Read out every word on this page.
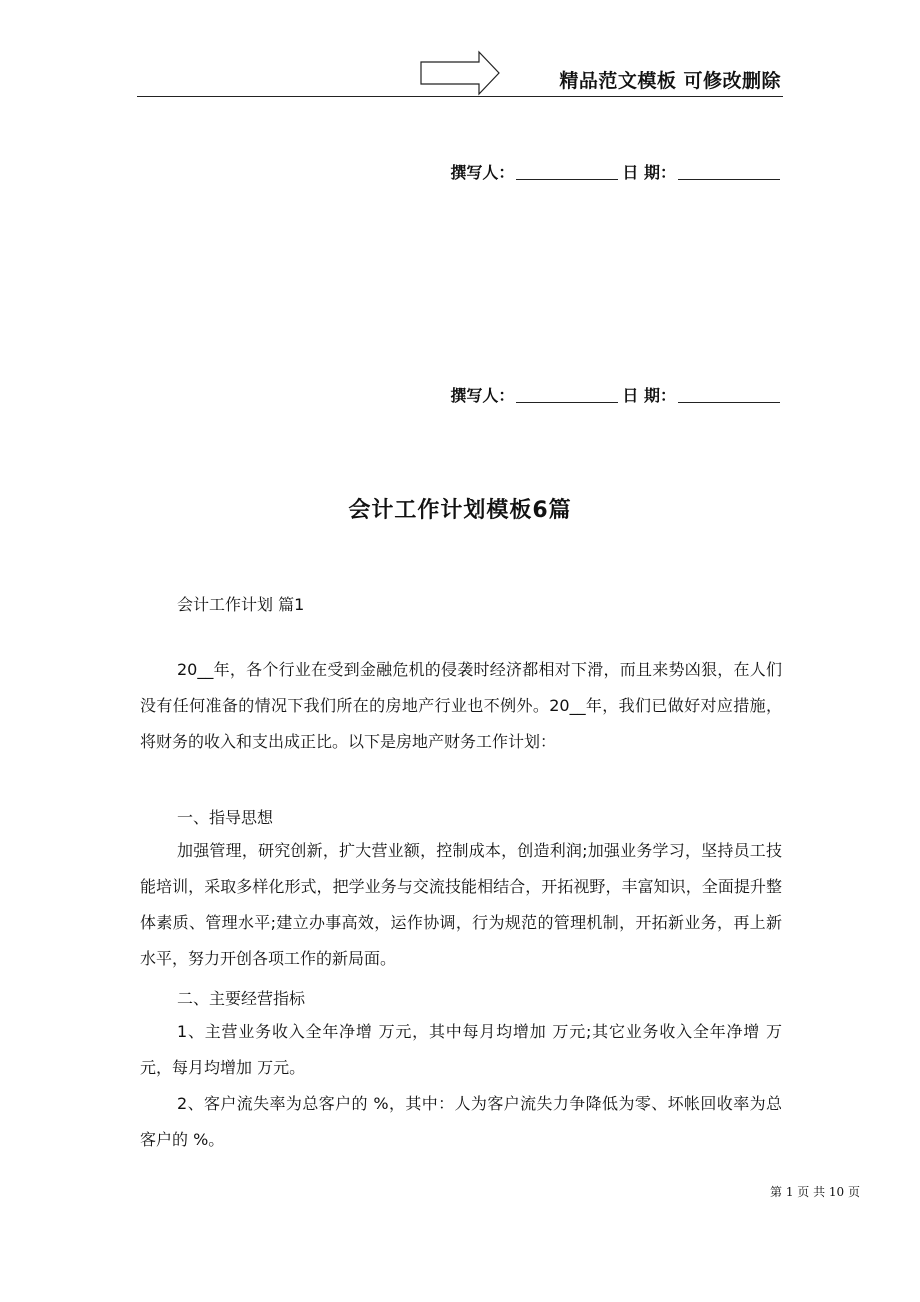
精品范文模板 可修改删除
撰写人：	日 期：
撰写人：	日 期：
会计工作计划模板6篇
会计工作计划 篇1

20__年，各个行业在受到金融危机的侵袭时经济都相对下滑，而且来势凶狠，在人们没有任何准备的情况下我们所在的房地产行业也不例外。20__年，我们已做好对应措施，将财务的收入和支出成正比。以下是房地产财务工作计划：

一、指导思想

加强管理，研究创新，扩大营业额，控制成本，创造利润;加强业务学习，坚持员工技能培训，采取多样化形式，把学业务与交流技能相结合，开拓视野，丰富知识，全面提升整体素质、管理水平;建立办事高效，运作协调，行为规范的管理机制，开拓新业务，再上新水平，努力开创各项工作的新局面。

二、主要经营指标

1、主营业务收入全年净增 万元，其中每月均增加 万元;其它业务收入全年净增 万元，每月均增加 万元。

2、客户流失率为总客户的 %，其中：人为客户流失力争降低为零、坏帐回收率为总客户的 %。

第 1 页 共 10 页
